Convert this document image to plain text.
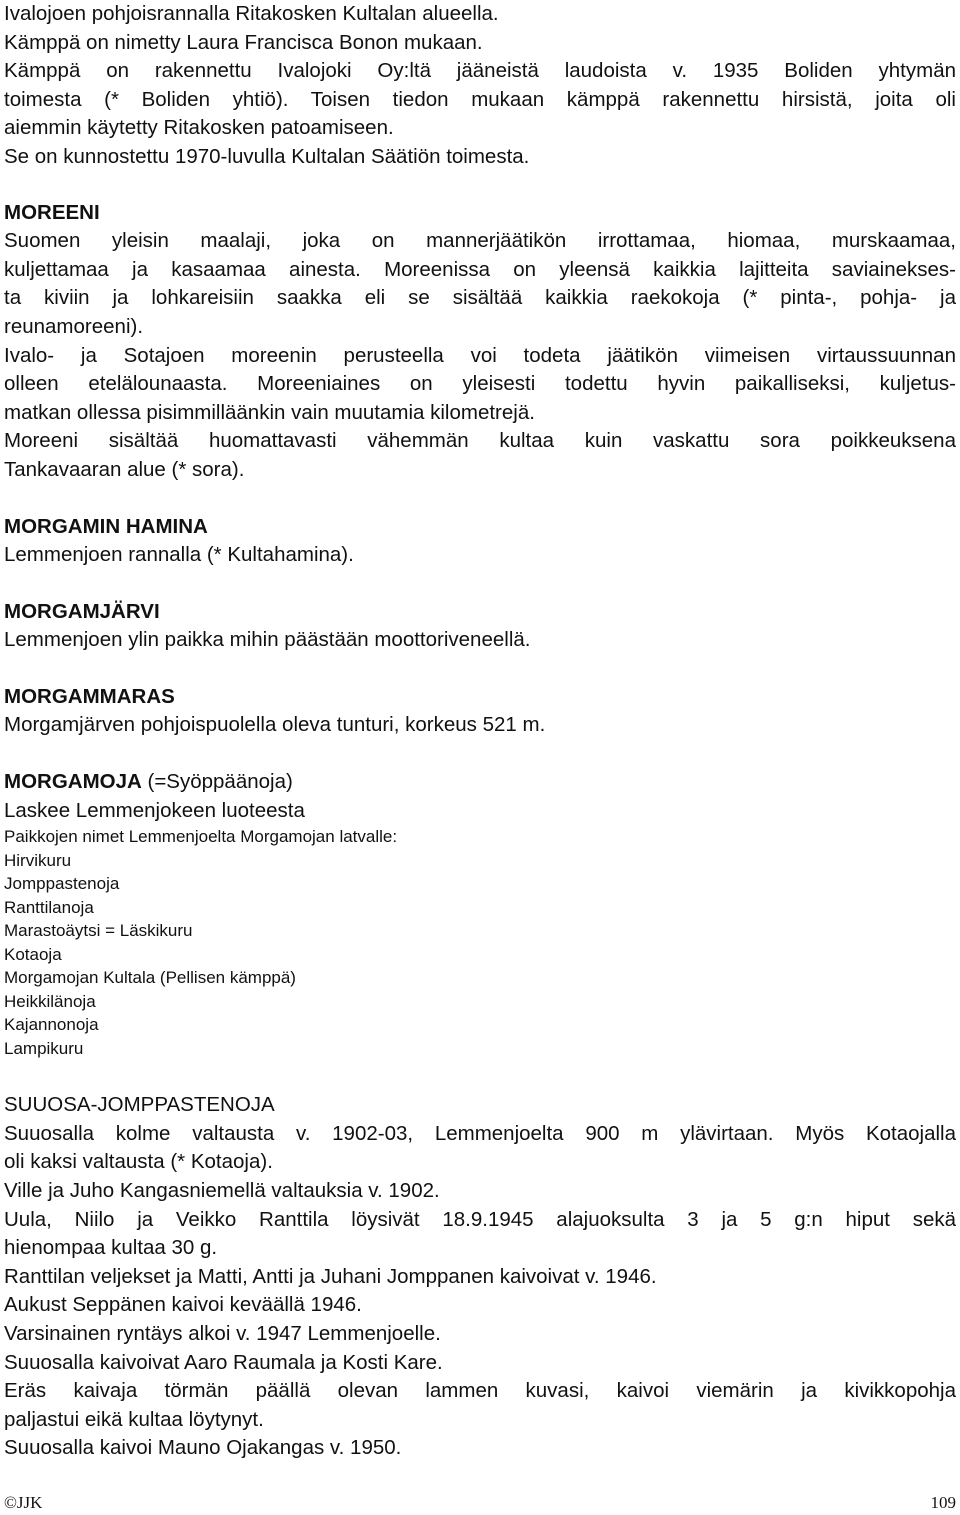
Ivalojoen pohjoisrannalla Ritakosken Kultalan alueella.
Kämppä on nimetty Laura Francisca Bonon mukaan.
Kämppä on rakennettu Ivalojoki Oy:ltä jääneistä laudoista v. 1935 Boliden yhtymän
toimesta (* Boliden yhtiö). Toisen tiedon mukaan kämppä rakennettu hirsistä, joita oli
aiemmin käytetty Ritakosken patoamiseen.
Se on kunnostettu 1970-luvulla Kultalan Säätiön toimesta.
MOREENI
Suomen yleisin maalaji, joka on mannerjäätikön irrottamaa, hiomaa, murskaamaa,
kuljettamaa ja kasaamaa ainesta. Moreenissa on yleensä kaikkia lajitteita saviainekses-
ta kiviin ja lohkareisiin saakka eli se sisältää kaikkia raekokoja (* pinta-, pohja- ja
reunamoreeni).
Ivalo- ja Sotajoen moreenin perusteella voi todeta jäätikön viimeisen virtaussuunnan
olleen etelälounaasta. Moreeniaines on yleisesti todettu hyvin paikalliseksi, kuljetus-
matkan ollessa pisimmilläänkin vain muutamia kilometrejä.
Moreeni sisältää huomattavasti vähemmän kultaa kuin vaskattu sora poikkeuksena
Tankavaaran alue (* sora).
MORGAMIN HAMINA
Lemmenjoen rannalla (* Kultahamina).
MORGAMJÄRVI
Lemmenjoen ylin paikka mihin päästään moottoriveneellä.
MORGAMMARAS
Morgamjärven pohjoispuolella oleva tunturi, korkeus 521 m.
MORGAMOJA (=Syöppäänoja)
Laskee Lemmenjokeen luoteesta
Paikkojen nimet Lemmenjoelta Morgamojan latvalle:
Hirvikuru
Jomppastenoja
Ranttilanoja
Marastoäytsi = Läskikuru
Kotaoja
Morgamojan Kultala (Pellisen kämppä)
Heikkilänoja
Kajannonoja
Lampikuru
SUUOSA-JOMPPASTENOJA
Suuosalla kolme valtausta v. 1902-03, Lemmenjoelta 900 m ylävirtaan. Myös Kotaojalla
oli kaksi valtausta (* Kotaoja).
Ville ja Juho Kangasniemellä valtauksia v. 1902.
Uula, Niilo ja Veikko Ranttila löysivät 18.9.1945 alajuoksulta 3 ja 5 g:n hiput sekä
hienompaa kultaa 30 g.
Ranttilan veljekset ja Matti, Antti ja Juhani Jomppanen kaivoivat v. 1946.
Aukust Seppänen kaivoi keväällä 1946.
Varsinainen ryntäys alkoi v. 1947 Lemmenjoelle.
Suuosalla kaivoivat Aaro Raumala ja Kosti Kare.
Eräs kaivaja törmän päällä olevan lammen kuvasi, kaivoi viemärin ja kivikkopohja
paljastui eikä kultaa löytynyt.
Suuosalla kaivoi Mauno Ojakangas v. 1950.
©JJK	109
